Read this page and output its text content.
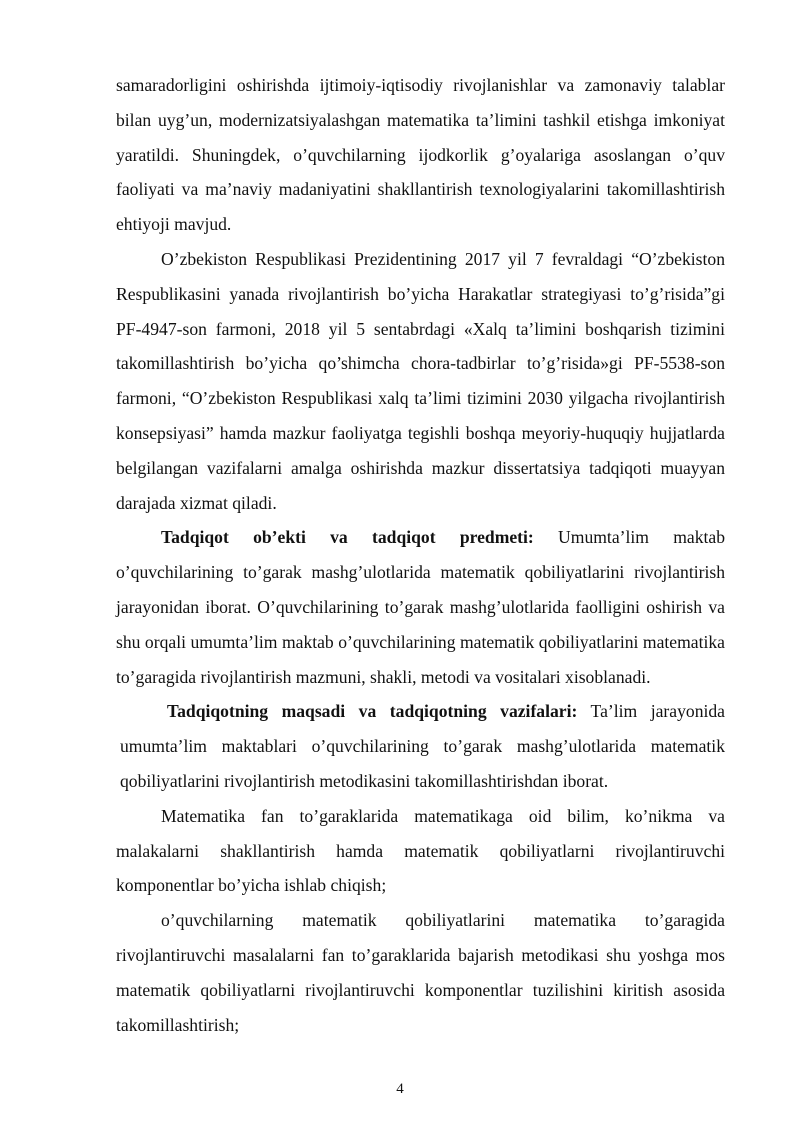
samaradorligini oshirishda ijtimoiy-iqtisodiy rivojlanishlar va zamonaviy talablar bilan uyg’un, modernizatsiyalashgan matematika ta’limini tashkil etishga imkoniyat yaratildi. Shuningdek, o’quvchilarning ijodkorlik g’oyalariga asoslangan o’quv faoliyati va ma’naviy madaniyatini shakllantirish texnologiyalarini takomillashtirish ehtiyoji mavjud.

O’zbekiston Respublikasi Prezidentining 2017 yil 7 fevraldagi “O’zbekiston Respublikasini yanada rivojlantirish bo’yicha Harakatlar strategiyasi to’g’risida”gi PF-4947-son farmoni, 2018 yil 5 sentabrdagi «Xalq ta’limini boshqarish tizimini takomillashtirish bo’yicha qo’shimcha chora-tadbirlar to’g’risida»gi PF-5538-son farmoni, “O’zbekiston Respublikasi xalq ta’limi tizimini 2030 yilgacha rivojlantirish konsepsiyasi” hamda mazkur faoliyatga tegishli boshqa meyoriy-huquqiy hujjatlarda belgilangan vazifalarni amalga oshirishda mazkur dissertatsiya tadqiqoti muayyan darajada xizmat qiladi.

Tadqiqot ob’ekti va tadqiqot predmeti: Umumta’lim maktab o’quvchilarining to’garak mashg’ulotlarida matematik qobiliyatlarini rivojlantirish jarayonidan iborat. O’quvchilarining to’garak mashg’ulotlarida faolligini oshirish va shu orqali umumta’lim maktab o’quvchilarining matematik qobiliyatlarini matematika to’garagida rivojlantirish mazmuni, shakli, metodi va vositalari xisoblanadi.

Tadqiqotning maqsadi va tadqiqotning vazifalari: Ta’lim jarayonida umumta’lim maktablari o’quvchilarining to’garak mashg’ulotlarida matematik qobiliyatlarini rivojlantirish metodikasini takomillashtirishdan iborat.

Matematika fan to’garaklarida matematikaga oid bilim, ko’nikma va malakalarni shakllantirish hamda matematik qobiliyatlarni rivojlantiruvchi komponentlar bo’yicha ishlab chiqish;

o’quvchilarning matematik qobiliyatlarini matematika to’garagida rivojlantiruvchi masalalarni fan to’garaklarida bajarish metodikasi shu yoshga mos matematik qobiliyatlarni rivojlantiruvchi komponentlar tuzilishini kiritish asosida takomillashtirish;

4
